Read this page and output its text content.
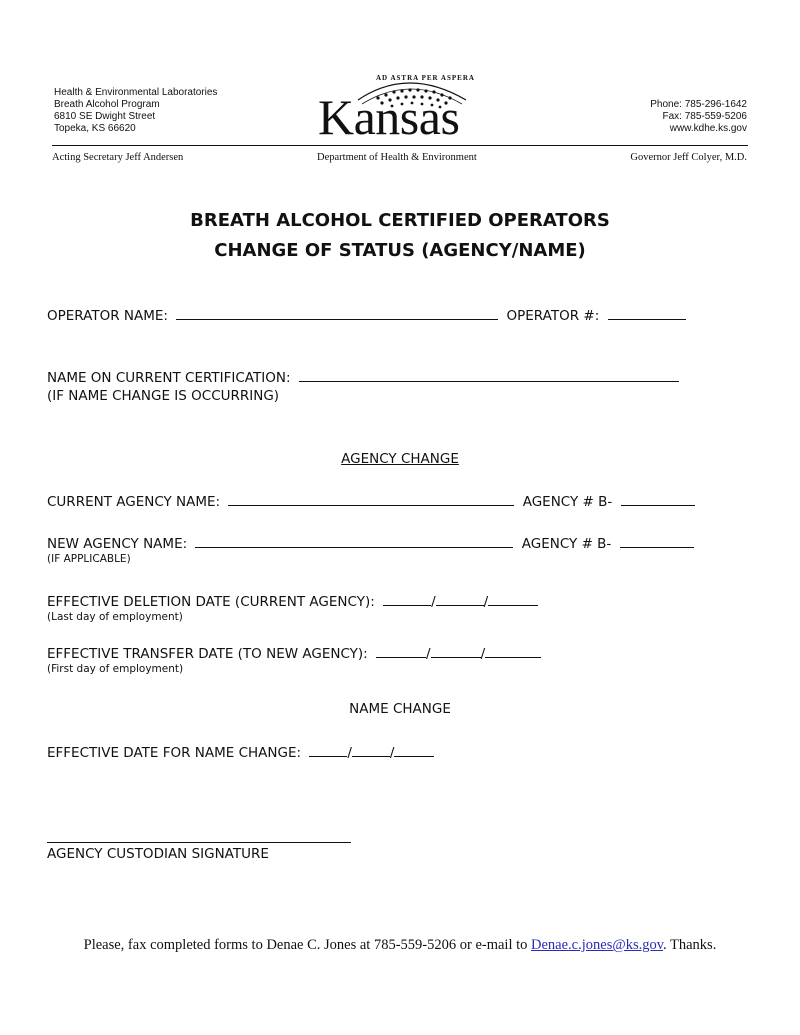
Health & Environmental Laboratories
Breath Alcohol Program
6810 SE Dwight Street
Topeka, KS 66620
AD ASTRA PER ASPERA
Kansas	Phone: 785-296-1642
Fax: 785-559-5206
www.kdhe.ks.gov
Acting Secretary Jeff Andersen	Department of Health & Environment	Governor Jeff Colyer, M.D.
BREATH ALCOHOL CERTIFIED OPERATORS
CHANGE OF STATUS (AGENCY/NAME)
OPERATOR NAME:	OPERATOR #:
NAME ON CURRENT CERTIFICATION:
(IF NAME CHANGE IS OCCURRING)
AGENCY CHANGE
CURRENT AGENCY NAME:	AGENCY # B-
NEW AGENCY NAME:	AGENCY # B-
(IF APPLICABLE)
EFFECTIVE DELETION DATE (CURRENT AGENCY):	/	/
(Last day of employment)
EFFECTIVE TRANSFER DATE (TO NEW AGENCY):	/	/
(First day of employment)
NAME CHANGE
EFFECTIVE DATE FOR NAME CHANGE:	/	/
AGENCY CUSTODIAN SIGNATURE
Please, fax completed forms to Denae C. Jones at 785-559-5206 or e-mail to Denae.c.jones@ks.gov. Thanks.
